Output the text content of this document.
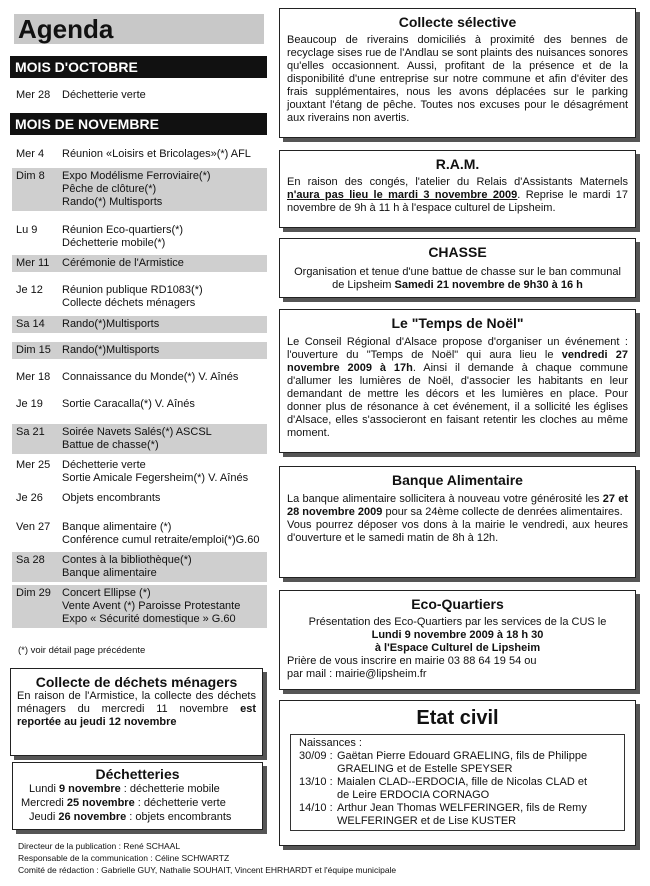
Agenda
MOIS D'OCTOBRE
Mer 28	Déchetterie verte
MOIS DE NOVEMBRE
Mer 4	Réunion «Loisirs et Bricolages»(*) AFL
Dim 8	Expo Modélisme Ferroviaire(*)
Pêche de clôture(*)
Rando(*) Multisports
Lu 9	Réunion Eco-quartiers(*)
Déchetterie mobile(*)
Mer 11	Cérémonie de l'Armistice
Je 12	Réunion publique RD1083(*)
Collecte déchets ménagers
Sa 14	Rando(*)Multisports
Dim 15	Rando(*)Multisports
Mer 18	Connaissance du Monde(*) V. Aînés
Je 19	Sortie Caracalla(*) V. Aînés
Sa 21	Soirée Navets Salés(*) ASCSL
Battue de chasse(*)
Mer 25	Déchetterie verte
Sortie Amicale Fegersheim(*) V. Aînés
Je 26	Objets encombrants
Ven 27	Banque alimentaire (*)
Conférence cumul retraite/emploi(*)G.60
Sa 28	Contes à la bibliothèque(*)
Banque alimentaire
Dim 29	Concert Ellipse (*)
Vente Avent (*) Paroisse Protestante
Expo « Sécurité domestique » G.60
(*) voir détail page précédente
Collecte de déchets ménagers

En raison de l'Armistice, la collecte des déchets ménagers du mercredi 11 novembre est reportée au jeudi 12 novembre

Déchetteries
Lundi 9 novembre : déchetterie mobile
Mercredi 25 novembre : déchetterie verte
Jeudi 26 novembre : objets encombrants
Directeur de la publication : René SCHAAL
Responsable de la communication : Céline SCHWARTZ
Comité de rédaction : Gabrielle GUY, Nathalie SOUHAIT, Vincent EHRHARDT et l'équipe municipale
Collecte sélective

Beaucoup de riverains domiciliés à proximité des bennes de recyclage sises rue de l'Andlau se sont plaints des nuisances sonores qu'elles occasionnent. Aussi, profitant de la présence et de la disponibilité d'une entreprise sur notre commune et afin d'éviter des frais supplémentaires, nous les avons déplacées sur le parking jouxtant l'étang de pêche. Toutes nos excuses pour le désagrément aux riverains non avertis.

R.A.M.

En raison des congés, l'atelier du Relais d'Assistants Maternels n'aura pas lieu le mardi 3 novembre 2009. Reprise le mardi 17 novembre de 9h à 11 h à l'espace culturel de Lipsheim.

CHASSE

Organisation et tenue d'une battue de chasse sur le ban communal de Lipsheim Samedi 21 novembre de 9h30 à 16 h

Le "Temps de Noël"

Le Conseil Régional d'Alsace propose d'organiser un événement : l'ouverture du "Temps de Noël" qui aura lieu le vendredi 27 novembre 2009 à 17h. Ainsi il demande à chaque commune d'allumer les lumières de Noël, d'associer les habitants en leur demandant de mettre les décors et les lumières en place. Pour donner plus de résonance à cet événement, il a sollicité les églises d'Alsace, elles s'associeront en faisant retentir les cloches au même moment.

Banque Alimentaire

La banque alimentaire sollicitera à nouveau votre générosité les 27 et 28 novembre 2009 pour sa 24ème collecte de denrées alimentaires.

Vous pourrez déposer vos dons à la mairie le vendredi, aux heures d'ouverture et le samedi matin de 8h à 12h.

Eco-Quartiers

Présentation des Eco-Quartiers par les services de la CUS le

Lundi 9 novembre 2009 à 18 h 30

à l'Espace Culturel de Lipsheim

Prière de vous inscrire en mairie 03 88 64 19 54 ou

par mail : mairie@lipsheim.fr

Etat civil
Naissances :
30/09 : Gaëtan Pierre Edouard GRAELING, fils de Philippe
GRAELING et de Estelle SPEYSER
13/10 : Maialen CLAD--ERDOCIA, fille de Nicolas CLAD et
de Leire ERDOCIA CORNAGO
14/10 : Arthur Jean Thomas WELFERINGER, fils de Remy
WELFERINGER et de Lise KUSTER
